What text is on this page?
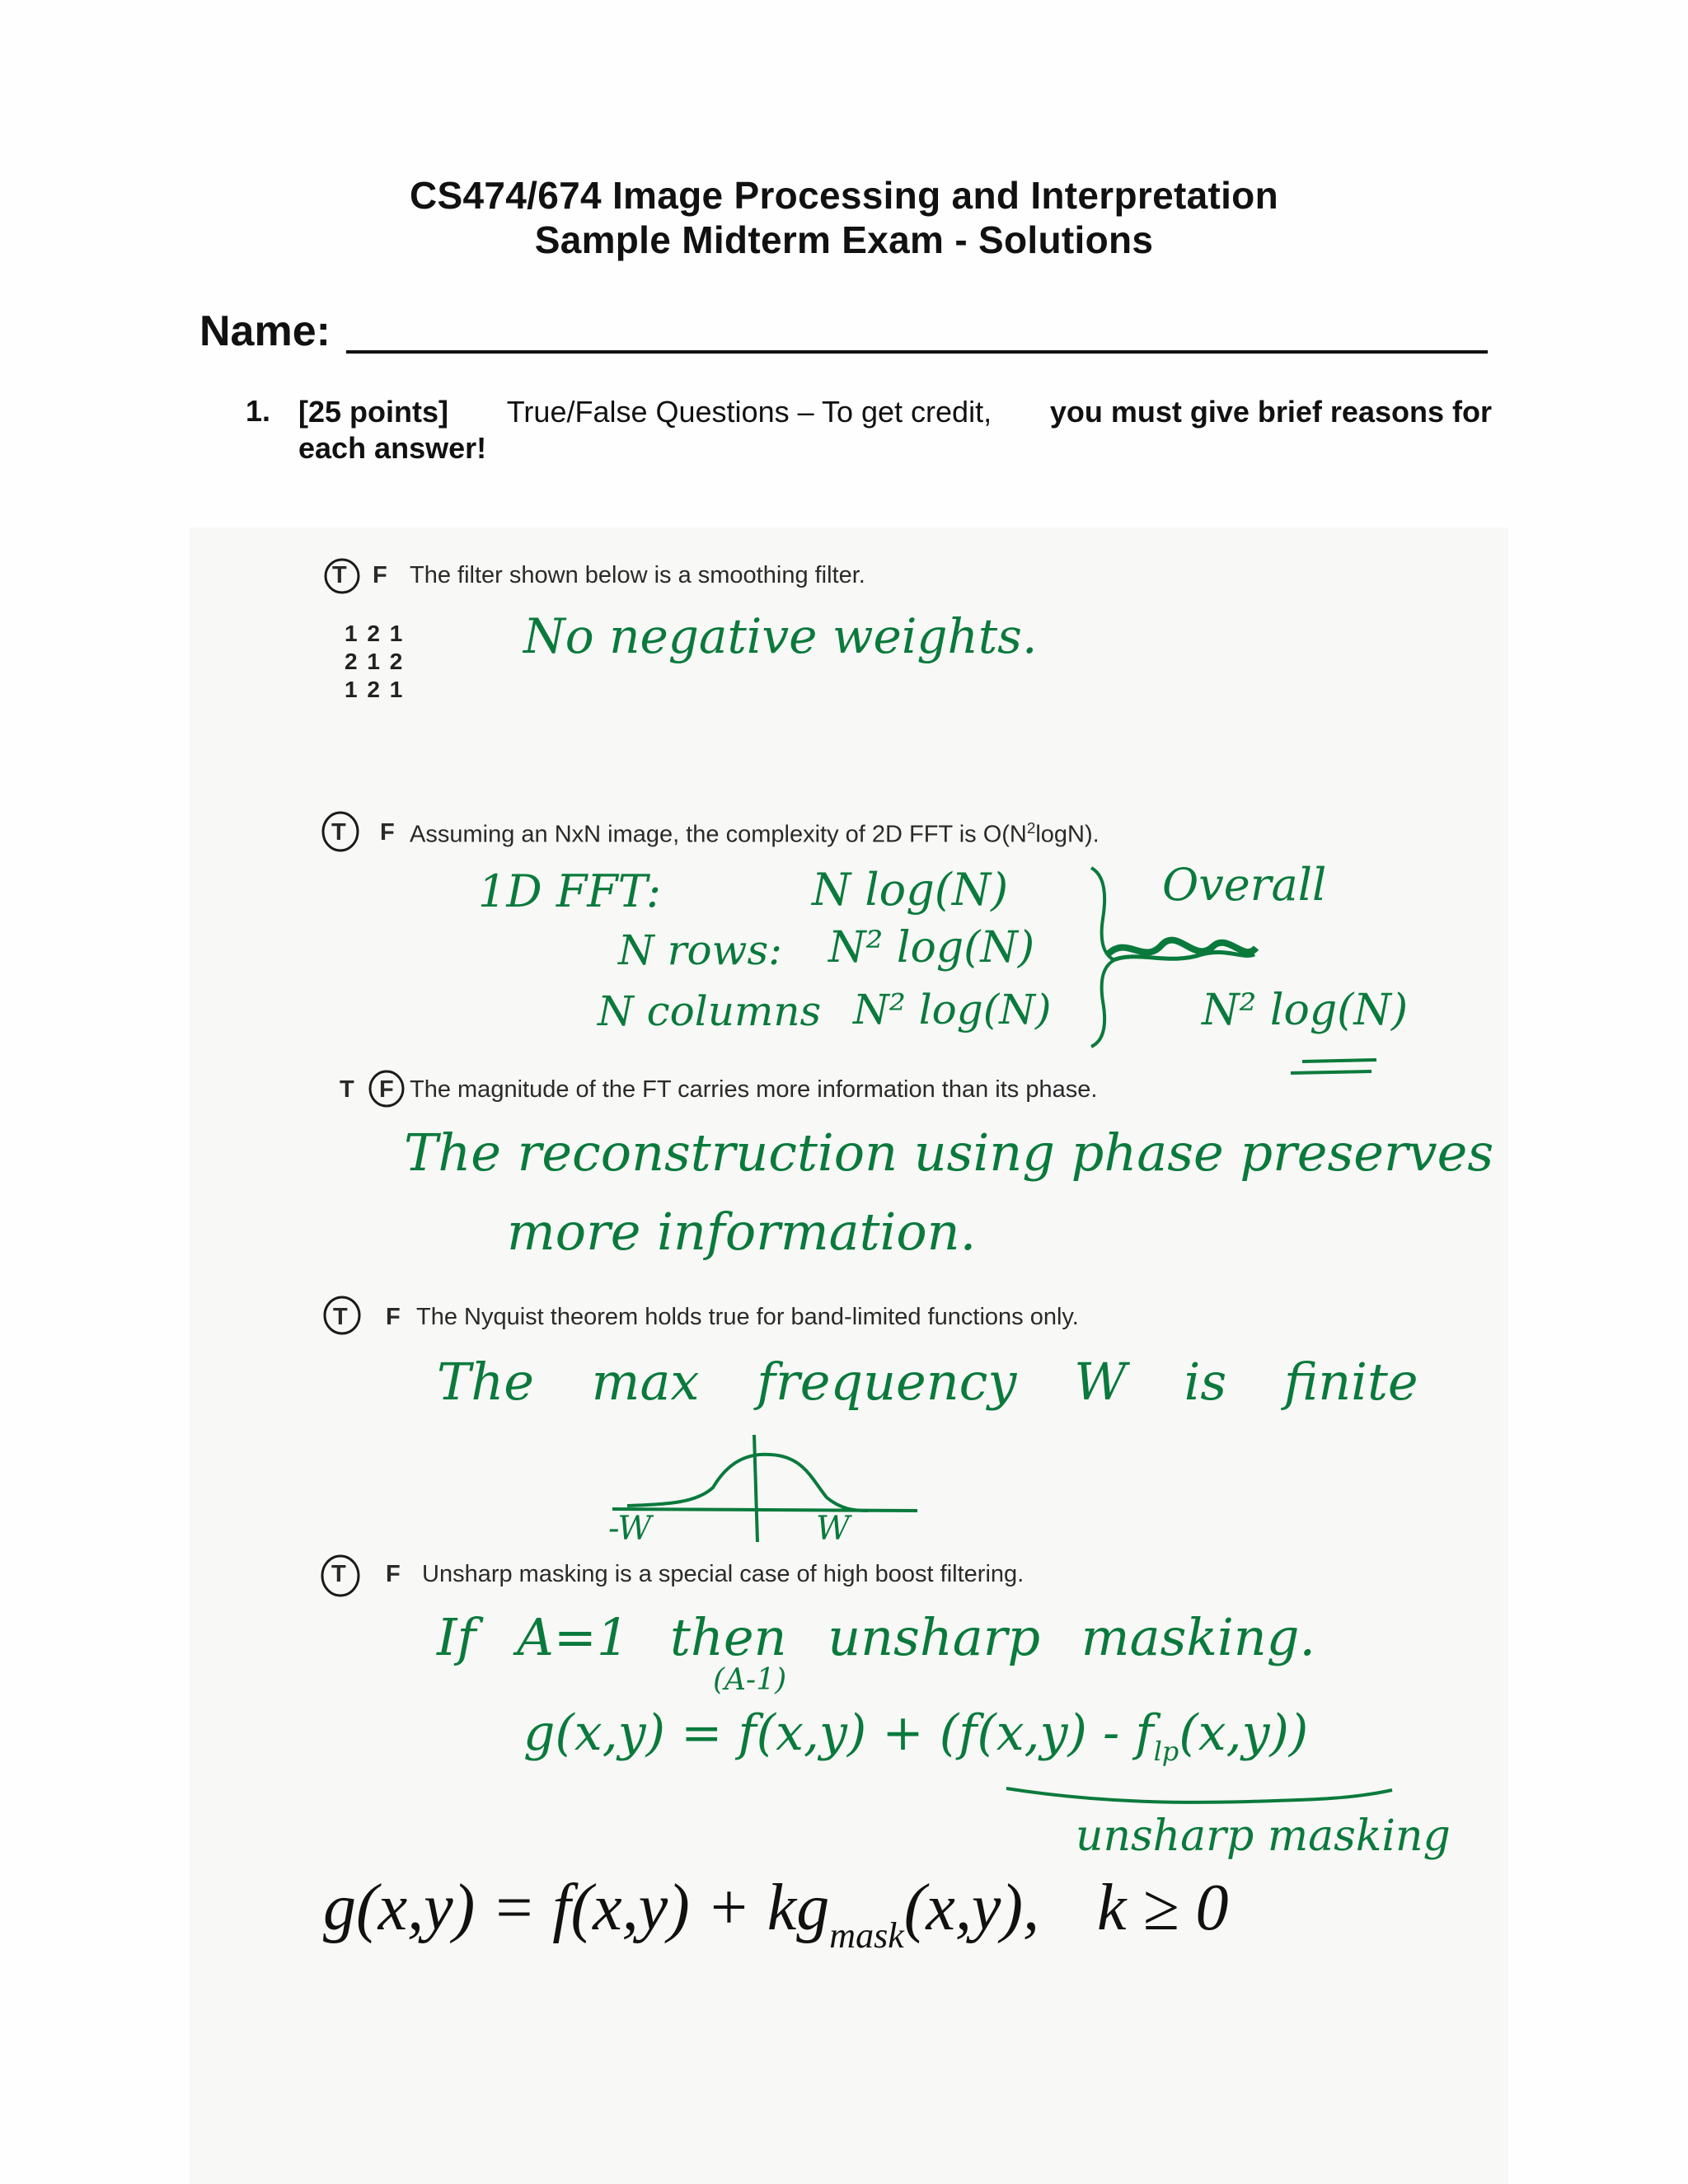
CS474/674 Image Processing and Interpretation
Sample Midterm Exam - Solutions
Name:
1. [25 points] True/False Questions – To get credit, you must give brief reasons for
each answer!
T F The filter shown below is a smoothing filter.
1 2 1
2 1 2
1 2 1
No negative weights.
T F Assuming an NxN image, the complexity of 2D FFT is $O(N^2\log N)$.
1D FFT:	N log(N)
N rows: N² log(N)
N columns N² log(N)
Overall
N² log(N)
T F The magnitude of the FT carries more information than its phase.
The reconstruction using phase preserves
more information.
T F The Nyquist theorem holds true for band-limited functions only.
The max frequency W is finite
-W	W
T F Unsharp masking is a special case of high boost filtering.
If A=1 then unsharp masking.
(A-1)
$g(x,y) = f(x,y) + (f(x,y) - f_{lp}(x,y))$
unsharp masking
$g(x,y) = f(x,y) + kg_{mask}(x,y)$, k ≥ 0
